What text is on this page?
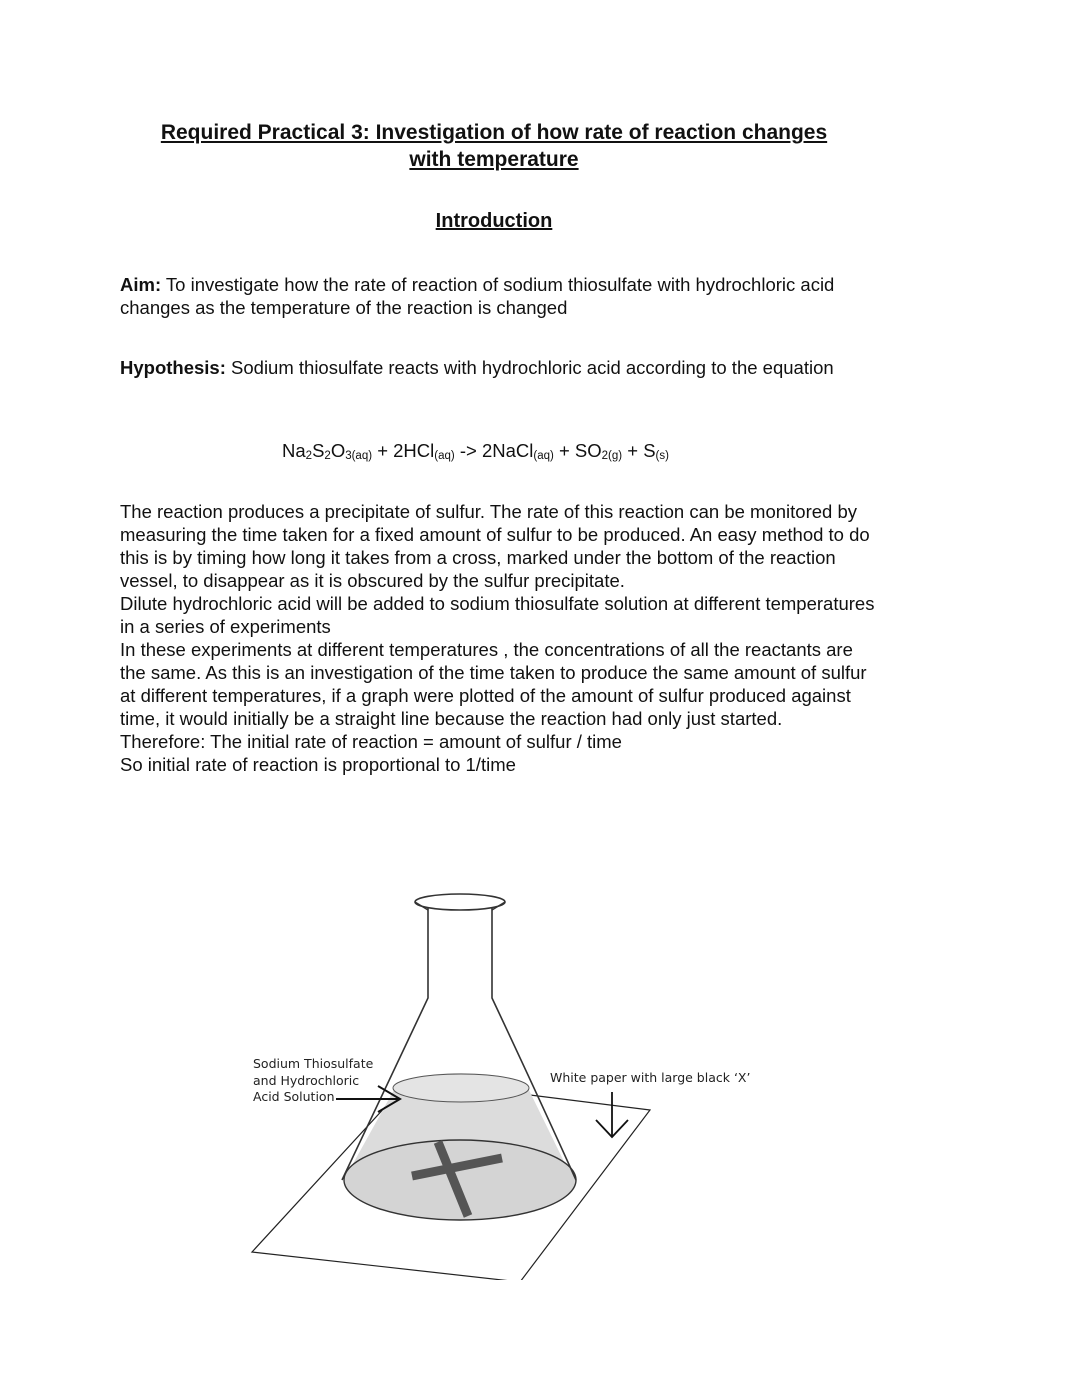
Required Practical 3: Investigation of how rate of reaction changes
with temperature
Introduction

Aim: To investigate how the rate of reaction of sodium thiosulfate with hydrochloric acid changes as the temperature of the reaction is changed

Hypothesis: Sodium thiosulfate reacts with hydrochloric acid according to the equation

Na2S2O3(aq) + 2HCl(aq) -> 2NaCl(aq) + SO2(g) + S(s)

The reaction produces a precipitate of sulfur. The rate of this reaction can be monitored by measuring the time taken for a fixed amount of sulfur to be produced. An easy method to do this is by timing how long it takes from a cross, marked under the bottom of the reaction vessel, to disappear as it is obscured by the sulfur precipitate.

Dilute hydrochloric acid will be added to sodium thiosulfate solution at different temperatures in a series of experiments

In these experiments at different temperatures , the concentrations of all the reactants are the same. As this is an investigation of the time taken to produce the same amount of sulfur at different temperatures, if a graph were plotted of the amount of sulfur produced against time, it would initially be a straight line because the reaction had only just started.

Therefore: The initial rate of reaction = amount of sulfur / time

So initial rate of reaction is proportional to 1/time

Sodium Thiosulfate and Hydrochloric Acid Solution
White paper with large black ‘X’
